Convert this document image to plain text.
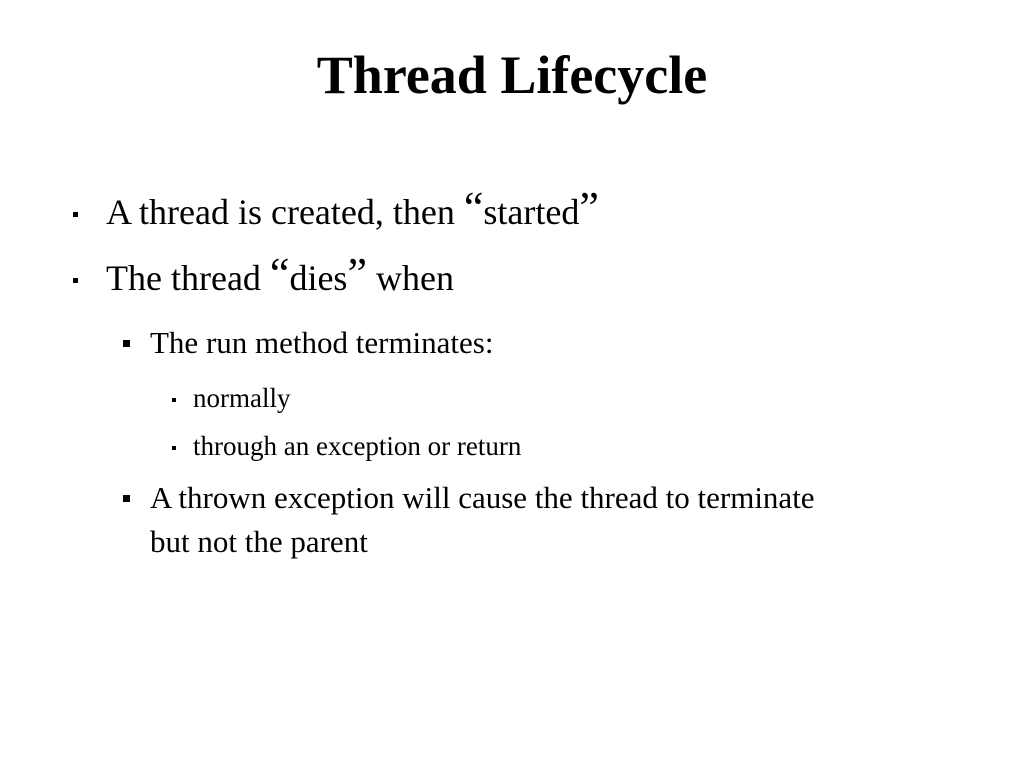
Thread Lifecycle
A thread is created, then “started”
The thread “dies” when
The run method terminates:
normally
through an exception or return
A thrown exception will cause the thread to terminate
but not the parent
